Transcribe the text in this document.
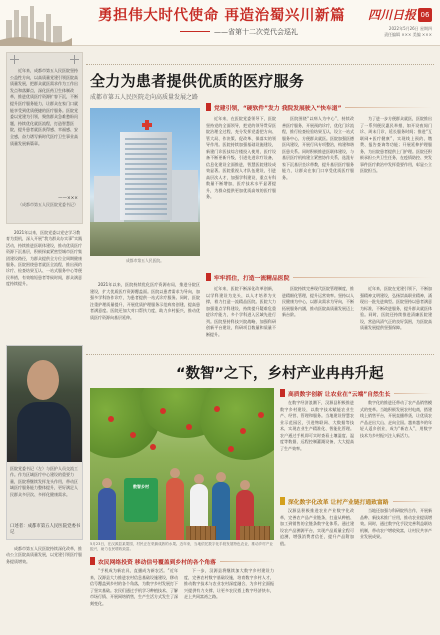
勇担伟大时代使命 再造治蜀兴川新篇
——省第十二次党代会巡礼
四川日报 06
2022年5月26日 星期四
责任编辑 ××× 美编 ×××
近年来，成都市第五人民医院坚持公益性方向，以高质量党建引领医院高质量发展，把群众就医需求作为工作出发点和落脚点，深化医药卫生体制改革，推进优质医疗资源扩容下沉，不断提升医疗服务能力，让群众在家门口就能享受到优质便捷的医疗服务。医院党委以党建为引领，聚焦群众急难愁盼问题，持续优化就医流程，打造智慧医院，提升患者就医获得感、幸福感、安全感，奋力谱写新时代医疗卫生事业高质量发展新篇章。
——×××
（成都市第五人民医院党委书记）
2021年以来，医院党委以党史学习教育为契机，深入开展“我为群众办实事”实践活动，持续推进医联体建设，推动优质医疗资源下沉基层，积极探索紧密型城市医疗集团建设路径，为群众提供全方位全周期健康服务。医院围绕患者就医全流程，推出预约诊疗、检查结果互认、一站式服务中心等便民举措，有效缩短患者等候时间，群众满意度持续提升。
医院党委书记（左）与医护人员交流工作。作为区域医疗中心建设的重要力量，医院将继续发挥龙头作用，带动区域医疗服务能力整体提升，更好满足人民群众多层次、多样化健康需求。
口述者：成都市第五人民医院党委书记
成都市第五人民医院持续深化改革，推动公立医院高质量发展，以党建引领医疗服务提质增效。
全力为患者提供优质的医疗服务
成都市第五人民医院走向高质量发展之路
成都市第五人民医院。
党建引领，“硬软件”发力 我院发展驶入“快车道”
近年来，在医院党委领导下，医院坚持党的全面领导，把党的领导贯穿医院治理全过程，充分发挥党委把方向、管大局、作决策、促改革、保落实的领导作用。医院持续加强基础设施建设，新建门诊医技综合楼投入使用，医疗设备不断更新升级，引进先进诊疗设备，信息化建设全面推进，智慧医院建设成效显著。医院重视人才队伍建设，引进高层次人才，加强学科建设，重点专科数量不断增加，医疗技术水平显著提升，为群众提供更加优质高效的医疗服务。
医院围绕“以病人为中心”，持续改善医疗服务，开展预约诊疗，优化门诊流程，推行检查检验结果互认，设立一站式服务中心，方便群众就医。医院加强医德医风建设，开展行风专项整治，构建和谐医患关系。同时积极推进医联体建设，与基层医疗机构建立紧密协作关系，选派专家下沉基层坐诊带教，提升基层医疗服务能力，让群众在家门口享受优质医疗服务。
为了进一步方便群众就医，医院推出了一系列便民惠民举措，如开设夜间门诊、周末门诊，延长服务时间；推进“互联网+医疗健康”，实现线上预约、缴费、报告查询等功能；开展延伸护理服务，为出院患者提供上门护理。医院还积极承担公共卫生任务，在疫情防控、突发事件医疗救治中发挥重要作用，彰显公立医院担当。
牢牢抓住，打造一流精品医院
2021年以来，医院持续优化医疗资源布局，推进分院区建设，扩大优质医疗资源覆盖面。医院以患者需求为导向，加强多学科协作诊疗，为患者提供一站式诊疗服务。同时，医院注重护理质量提升，开展优质护理服务示范病房创建，提高患者满意度。医院还加大对口帮扶力度，助力乡村振兴，推动优质医疗资源向基层延伸。
近年来，医院不断深化改革创新，以学科建设为龙头，以人才培养为支撑，着力打造一流精品医院。医院大力加强重点学科建设，持续提升疑难危重症诊疗能力，多个学科进入区域先进行列。医院坚持科技兴院战略，加强科研创新平台建设，科研项目数量和质量不断提升。
医院持续完善现代医院管理制度，推进精细化管理，提升运营效率。坚持以人民健康为中心，以群众需求为导向，不断拓展服务内涵，推动医院高质量发展迈上新台阶。
近年来，医院在党建引领下，不断加强精神文明建设，弘扬崇高职业精神，涌现出一批先进典型。医院坚持以患者满意为标准，不断改进服务，提升群众就医体验。同时，医院还持续推进清廉医院建设，营造风清气正的良好氛围，为医院高质量发展提供坚强保障。
“数智”之下，乡村产业冉冉升起
数智乡村
5月23日，在汉源县某果园，村民正在采摘成熟的水果。近年来，当地依托数字化手段发展特色农业，推动乡村产业振兴，助力农民增收致富。
高质数字创新 让农业在“云端”自然生长
在数字经济浪潮下，汉源县积极推进数字乡村建设，以数字技术赋能农业生产、经营、管理和服务。当地建设智慧农业示范园区，引进物联网、大数据等技术，实现农业生产精准化、智能化管理。农户通过手机即可实时查看土壤湿度、温度等数据，远程控制灌溉设备，大大提高了生产效率。
数字化的推进还带动了农产品销售模式的变革。当地积极发展农村电商，搭建线上销售平台，开展直播带货，让优质农产品走出大山、走向全国。越来越多的年轻人返乡创业，成为“新农人”，用数字技术为乡村振兴注入新活力。
深化数字化改革 让村产业链打通致富路
汉源县积极推进农业产业数字化改革，完善农产品产业链条，打造从种植、加工到销售的全链条数字化体系。通过建设农产品溯源平台，实现产品质量全程可追溯，增强消费者信任，提升产品附加值。
当地还加强与科研院所合作，开展新品种、新技术推广应用，推动农业提质增效。同时，通过数字化手段完善利益联结机制，带动农户增收致富，让村民共享产业发展成果。
农民网络投资 移动信号覆盖到乡村的各个角落
“手机成为新农具，直播成为新农活。”近年来，汉源县大力推进农村信息基础设施建设，移动信号覆盖到乡村的各个角落，为数字乡村发展打下了坚实基础。农民们通过手机学习种植技术、了解市场行情、开展网络销售，生产生活方式发生了深刻变化。
下一步，汉源县将继续加大数字乡村建设力度，完善农村数字基础设施，培育数字乡村人才，推动数字技术与农业农村深度融合，为乡村全面振兴提供有力支撑，让更多农民搭上数字经济快车，走上共同富裕之路。
